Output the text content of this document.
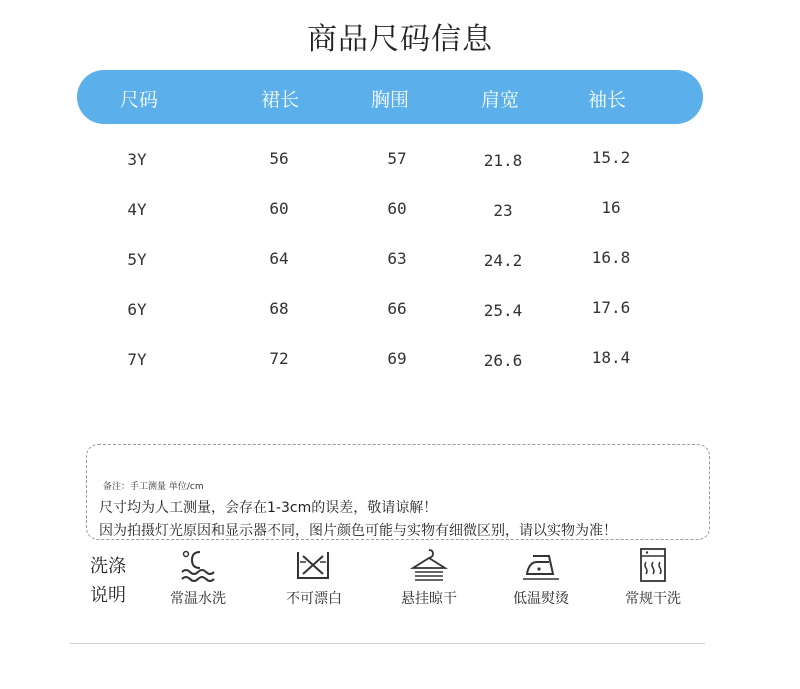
商品尺码信息
尺码	裙长	胸围	肩宽	袖长
3Y	56	57	21.8	15.2
4Y	60	60	23	16
5Y	64	63	24.2	16.8
6Y	68	66	25.4	17.6
7Y	72	69	26.6	18.4
备注：手工测量 单位/cm
尺寸均为人工测量，会存在1-3cm的误差，敬请谅解！
因为拍摄灯光原因和显示器不同，图片颜色可能与实物有细微区别，请以实物为准！
洗涤
说明	常温水洗	不可漂白	悬挂晾干	低温熨烫	常规干洗
